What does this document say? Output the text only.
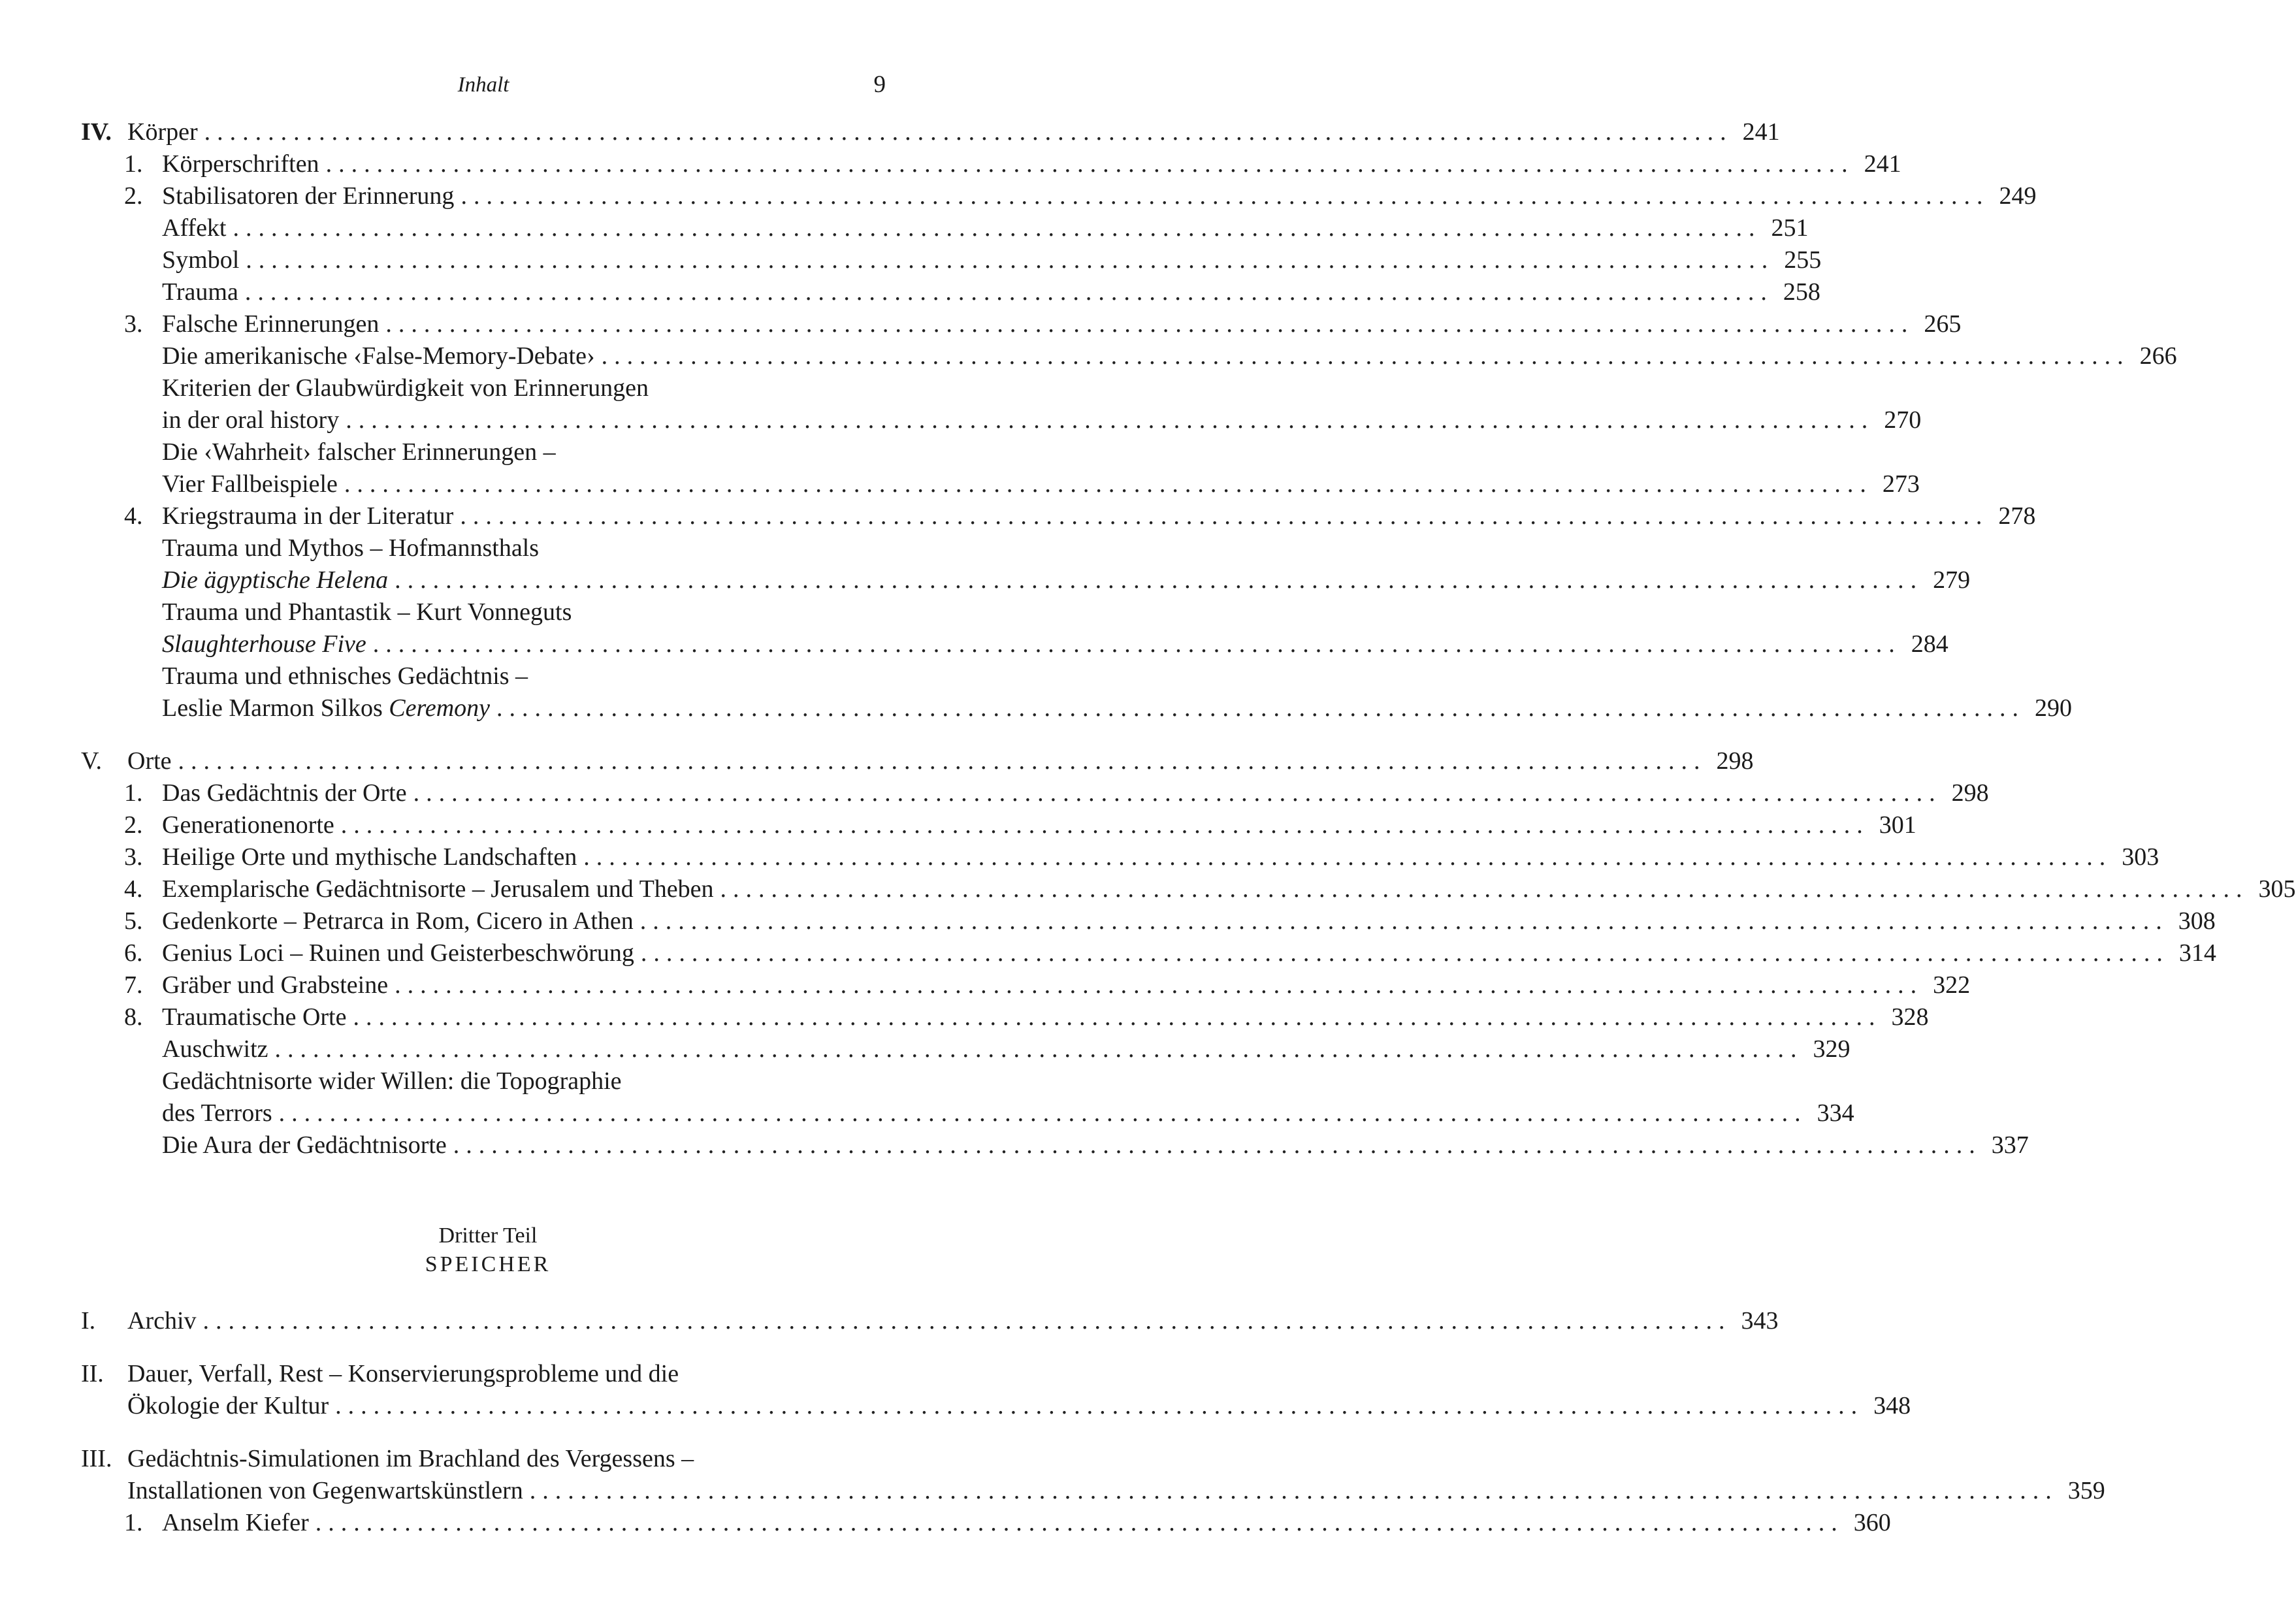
Inhalt	9
IV. Körper ........................................................................................................................ 241
1. Körperschriften ........................................................................................................................ 241
2. Stabilisatoren der Erinnerung ........................................................................................................................ 249
Affekt ........................................................................................................................ 251
Symbol ........................................................................................................................ 255
Trauma ........................................................................................................................ 258
3. Falsche Erinnerungen ........................................................................................................................ 265
Die amerikanische ‹False-Memory-Debate› ........................................................................................................................ 266
Kriterien der Glaubwürdigkeit von Erinnerungen
in der oral history ........................................................................................................................ 270
Die ‹Wahrheit› falscher Erinnerungen –
Vier Fallbeispiele ........................................................................................................................ 273
4. Kriegstrauma in der Literatur ........................................................................................................................ 278
Trauma und Mythos – Hofmannsthals
Die ägyptische Helena ........................................................................................................................ 279
Trauma und Phantastik – Kurt Vonneguts
Slaughterhouse Five ........................................................................................................................ 284
Trauma und ethnisches Gedächtnis –
Leslie Marmon Silkos Ceremony ........................................................................................................................ 290
V.	Orte ........................................................................................................................ 298
1. Das Gedächtnis der Orte ........................................................................................................................ 298
2. Generationenorte ........................................................................................................................ 301
3. Heilige Orte und mythische Landschaften ........................................................................................................................ 303
4. Exemplarische Gedächtnisorte – Jerusalem und Theben ........................................................................................................................ 305
5. Gedenkorte – Petrarca in Rom, Cicero in Athen ........................................................................................................................ 308
6. Genius Loci – Ruinen und Geisterbeschwörung ........................................................................................................................ 314
7. Gräber und Grabsteine ........................................................................................................................ 322
8. Traumatische Orte ........................................................................................................................ 328
Auschwitz ........................................................................................................................ 329
Gedächtnisorte wider Willen: die Topographie
des Terrors ........................................................................................................................ 334
Die Aura der Gedächtnisorte ........................................................................................................................ 337
Dritter Teil
SPEICHER
I.	Archiv ........................................................................................................................ 343
II. Dauer, Verfall, Rest – Konservierungsprobleme und die
Ökologie der Kultur ........................................................................................................................ 348
III. Gedächtnis-Simulationen im Brachland des Vergessens –
Installationen von Gegenwartskünstlern ........................................................................................................................ 359
1. Anselm Kiefer ........................................................................................................................ 360
